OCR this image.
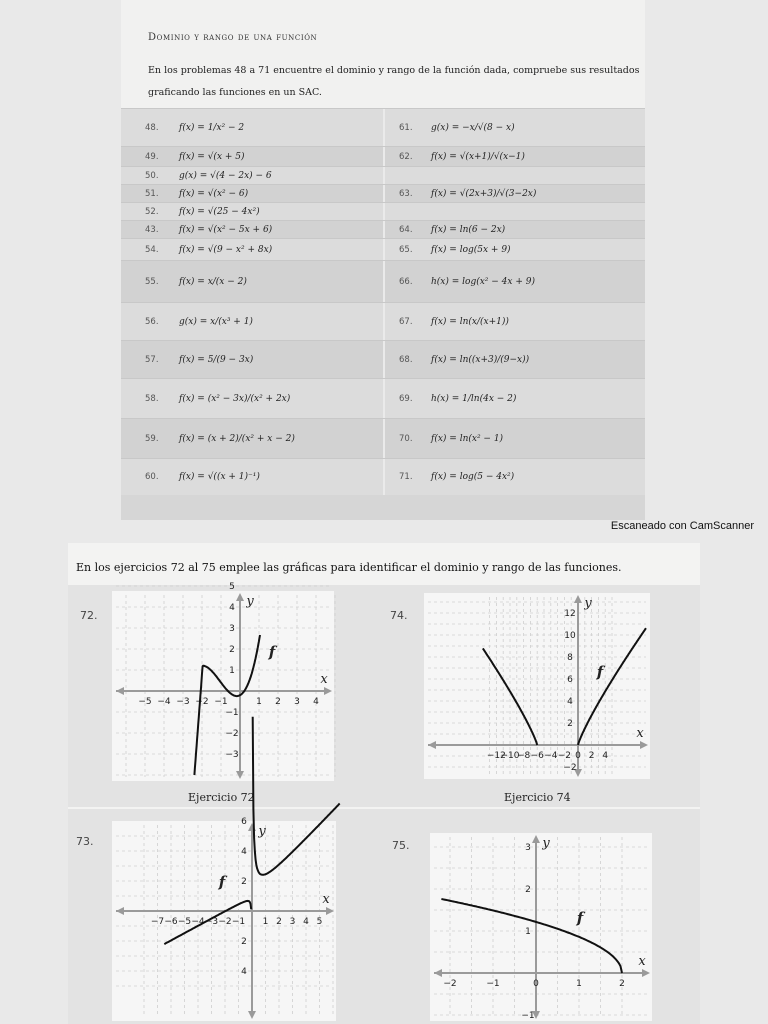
Dominio y rango de una función
En los problemas 48 a 71 encuentre el dominio y rango de la función dada, compruebe sus resultados graficando las funciones en un SAC.
48. f(x) = 1/x² − 2	61. g(x) = −x/√(8 − x)
49. f(x) = √(x + 5)	62. f(x) = √(x+1)/√(x−1)
50. g(x) = √(4 − 2x) − 6
51. f(x) = √(x² − 6)	63. f(x) = √(2x+3)/√(3−2x)
52. f(x) = √(25 − 4x²)
43. f(x) = √(x² − 5x + 6)	64. f(x) = ln(6 − 2x)
54. f(x) = √(9 − x² + 8x)	65. f(x) = log(5x + 9)
55. f(x) = x/(x − 2)	66. h(x) = log(x² − 4x + 9)
56. g(x) = x/(x³ + 1)	67. f(x) = ln(x/(x+1))
57. f(x) = 5/(9 − 3x)	68. f(x) = ln((x+3)/(9−x))
58. f(x) = (x² − 3x)/(x² + 2x)	69. h(x) = 1/ln(4x − 2)
59. f(x) = (x + 2)/(x² + x − 2)	70. f(x) = ln(x² − 1)
60. f(x) = √((x + 1)⁻¹)	71. f(x) = log(5 − 4x²)
Escaneado con CamScanner
En los ejercicios 72 al 75 emplee las gráficas para identificar el dominio y rango de las funciones.
72.	74.
73.	75.
−5 −4 −3 −2 −1	1 2 3 4
5
4
3
2
1
−1
−2
−3
x
y
f
Ejercicio 72
−12
−10
−8 −6 −4 −2 0 2 4
12
10
8
6
4
2
−2
x
y
f
Ejercicio 74
−7 −6 −5 −4 −3 −2 −1 1 2 3 4 5
6
4
2
2
4
x
y
f
−2	−1	0	1	2
3
2
1
−1
x
y
f
